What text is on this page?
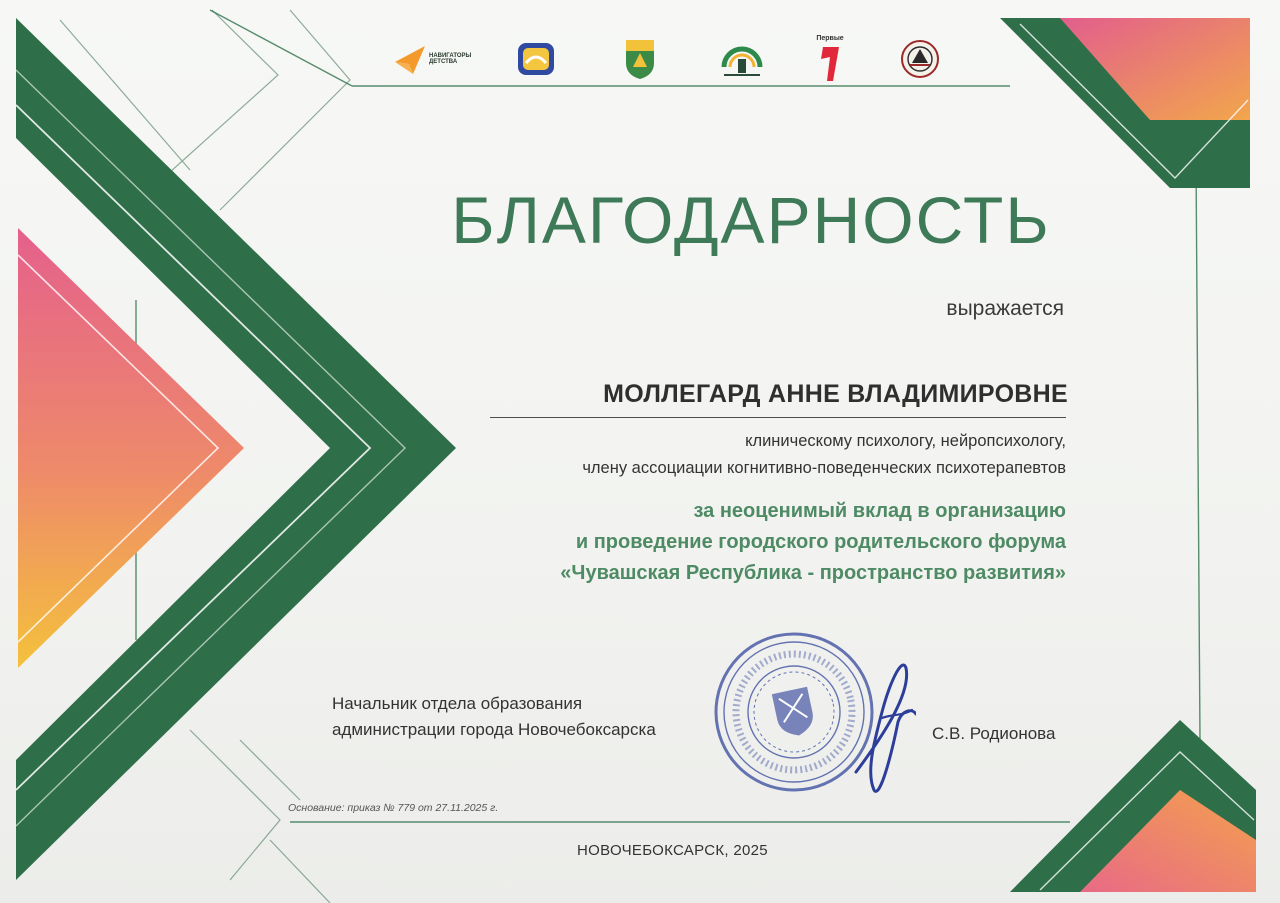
НАВИГАТОРЫ ДЕТСТВА
Первые
БЛАГОДАРНОСТЬ
выражается
МОЛЛЕГАРД АННЕ ВЛАДИМИРОВНЕ
клиническому психологу, нейропсихологу,
члену ассоциации когнитивно-поведенческих психотерапевтов
за неоценимый вклад в организацию
и проведение городского родительского форума
«Чувашская Республика - пространство развития»
Начальник отдела образования
администрации города Новочебоксарска	С.В. Родионова
Основание: приказ № 779 от 27.11.2025 г.
НОВОЧЕБОКСАРСК, 2025
